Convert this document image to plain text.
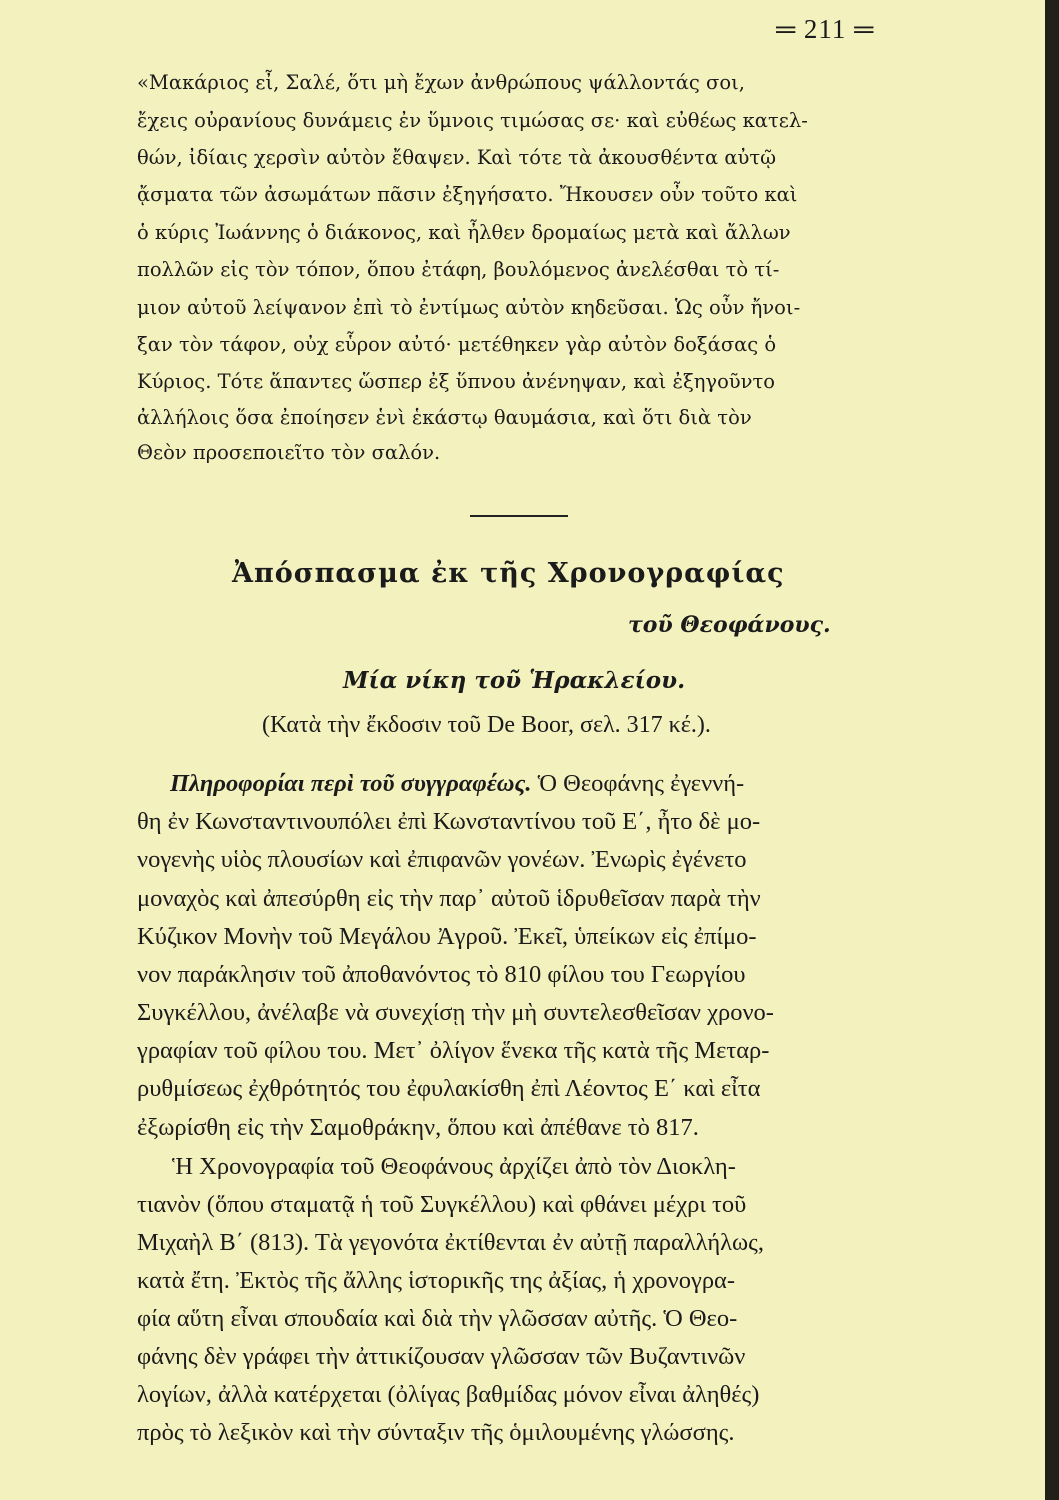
═ 211 ═
«Μακάριος εἶ, Σαλέ, ὅτι μὴ ἔχων ἀνθρώπους ψάλλοντάς σοι,
ἔχεις οὐρανίους δυνάμεις ἐν ὕμνοις τιμώσας σε· καὶ εὐθέως κατελ-
θών, ἰδίαις χερσὶν αὐτὸν ἔθαψεν. Καὶ τότε τὰ ἀκουσθέντα αὐτῷ
ᾄσματα τῶν ἀσωμάτων πᾶσιν ἐξηγήσατο. Ἤκουσεν οὖν τοῦτο καὶ
ὁ κύρις Ἰωάννης ὁ διάκονος, καὶ ἦλθεν δρομαίως μετὰ καὶ ἄλλων
πολλῶν εἰς τὸν τόπον, ὅπου ἐτάφη, βουλόμενος ἀνελέσθαι τὸ τί-
μιον αὐτοῦ λείψανον ἐπὶ τὸ ἐντίμως αὐτὸν κηδεῦσαι. Ὡς οὖν ἤνοι-
ξαν τὸν τάφον, οὐχ εὗρον αὐτό· μετέθηκεν γὰρ αὐτὸν δοξάσας ὁ
Κύριος. Τότε ἅπαντες ὥσπερ ἐξ ὕπνου ἀνένηψαν, καὶ ἐξηγοῦντο
ἀλλήλοις ὅσα ἐποίησεν ἑνὶ ἑκάστῳ θαυμάσια, καὶ ὅτι διὰ τὸν
Θεὸν προσεποιεῖτο τὸν σαλόν.
Ἀπόσπασμα ἐκ τῆς Χρονογραφίας
τοῦ Θεοφάνους.
Μία νίκη τοῦ Ἡρακλείου.
(Κατὰ τὴν ἔκδοσιν τοῦ De Boor, σελ. 317 κέ.).
Πληροφορίαι περὶ τοῦ συγγραφέως. Ὁ Θεοφάνης ἐγεννή-
θη ἐν Κωνσταντινουπόλει ἐπὶ Κωνσταντίνου τοῦ Ε΄, ἦτο δὲ μο-
νογενὴς υἱὸς πλουσίων καὶ ἐπιφανῶν γονέων. Ἐνωρὶς ἐγένετο
μοναχὸς καὶ ἀπεσύρθη εἰς τὴν παρ᾽ αὐτοῦ ἱδρυθεῖσαν παρὰ τὴν
Κύζικον Μονὴν τοῦ Μεγάλου Ἀγροῦ. Ἐκεῖ, ὑπείκων εἰς ἐπίμο-
νον παράκλησιν τοῦ ἀποθανόντος τὸ 810 φίλου του Γεωργίου
Συγκέλλου, ἀνέλαβε νὰ συνεχίσῃ τὴν μὴ συντελεσθεῖσαν χρονο-
γραφίαν τοῦ φίλου του. Μετ᾽ ὀλίγον ἕνεκα τῆς κατὰ τῆς Μεταρ-
ρυθμίσεως ἐχθρότητός του ἐφυλακίσθη ἐπὶ Λέοντος Ε΄ καὶ εἶτα
ἐξωρίσθη εἰς τὴν Σαμοθράκην, ὅπου καὶ ἀπέθανε τὸ 817.
Ἡ Χρονογραφία τοῦ Θεοφάνους ἀρχίζει ἀπὸ τὸν Διοκλη-
τιανὸν (ὅπου σταματᾷ ἡ τοῦ Συγκέλλου) καὶ φθάνει μέχρι τοῦ
Μιχαὴλ Β΄ (813). Τὰ γεγονότα ἐκτίθενται ἐν αὐτῇ παραλλήλως,
κατὰ ἔτη. Ἐκτὸς τῆς ἄλλης ἱστορικῆς της ἀξίας, ἡ χρονογρα-
φία αὕτη εἶναι σπουδαία καὶ διὰ τὴν γλῶσσαν αὐτῆς. Ὁ Θεο-
φάνης δὲν γράφει τὴν ἀττικίζουσαν γλῶσσαν τῶν Βυζαντινῶν
λογίων, ἀλλὰ κατέρχεται (ὀλίγας βαθμίδας μόνον εἶναι ἀληθές)
πρὸς τὸ λεξικὸν καὶ τὴν σύνταξιν τῆς ὁμιλουμένης γλώσσης.
